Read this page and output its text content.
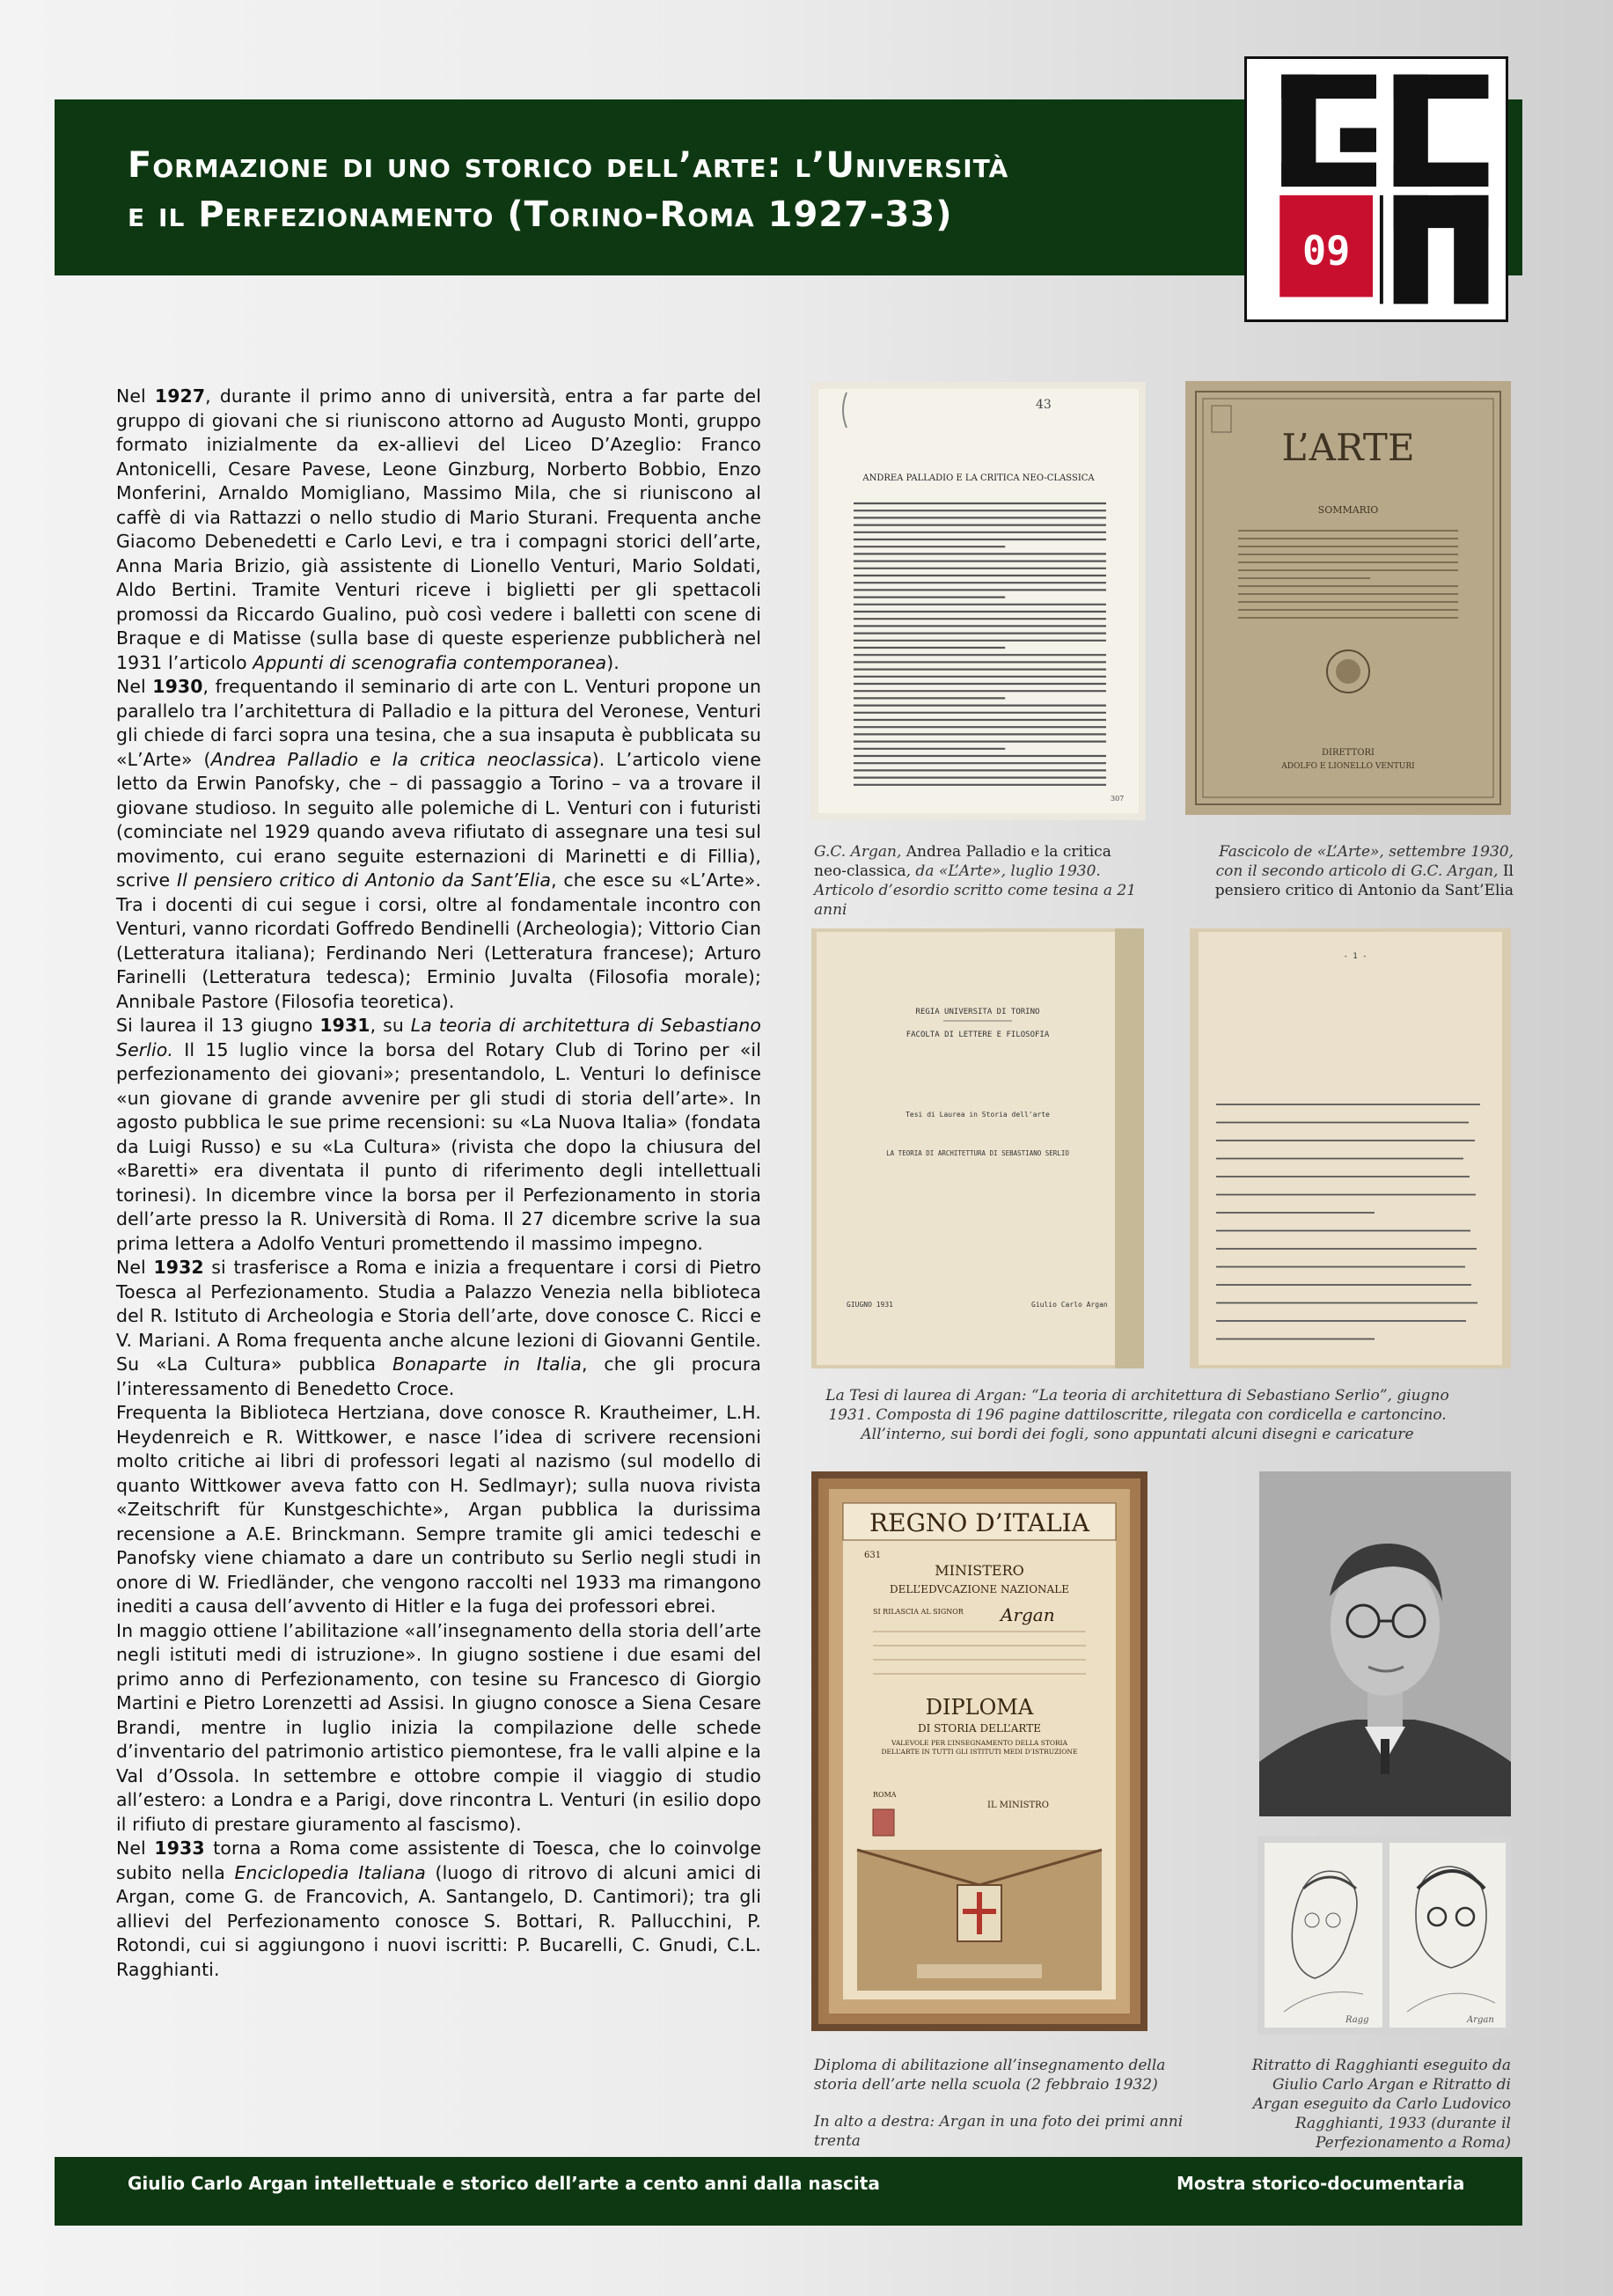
Formazione di uno storico dell’arte: l’Università
e il Perfezionamento (Torino-Roma 1927-33)
09

Nel 1927, durante il primo anno di università, entra a far parte del gruppo di giovani che si riuniscono attorno ad Augusto Monti, gruppo formato inizialmente da ex-allievi del Liceo D’Azeglio: Franco Antonicelli, Cesare Pavese, Leone Ginzburg, Norberto Bobbio, Enzo Monferini, Arnaldo Momigliano, Massimo Mila, che si riuniscono al caffè di via Rattazzi o nello studio di Mario Sturani. Frequenta anche Giacomo Debenedetti e Carlo Levi, e tra i compagni storici dell’arte, Anna Maria Brizio, già assistente di Lionello Venturi, Mario Soldati, Aldo Bertini. Tramite Venturi riceve i biglietti per gli spettacoli promossi da Riccardo Gualino, può così vedere i balletti con scene di Braque e di Matisse (sulla base di queste esperienze pubblicherà nel 1931 l’articolo Appunti di scenografia contemporanea).

Nel 1930, frequentando il seminario di arte con L. Venturi propone un parallelo tra l’architettura di Palladio e la pittura del Veronese, Venturi gli chiede di farci sopra una tesina, che a sua insaputa è pubblicata su «L’Arte» (Andrea Palladio e la critica neoclassica). L’articolo viene letto da Erwin Panofsky, che – di passaggio a Torino – va a trovare il giovane studioso. In seguito alle polemiche di L. Venturi con i futuristi (cominciate nel 1929 quando aveva rifiutato di assegnare una tesi sul movimento, cui erano seguite esternazioni di Marinetti e di Fillia), scrive Il pensiero critico di Antonio da Sant’Elia, che esce su «L’Arte». Tra i docenti di cui segue i corsi, oltre al fondamentale incontro con Venturi, vanno ricordati Goffredo Bendinelli (Archeologia); Vittorio Cian (Letteratura italiana); Ferdinando Neri (Letteratura francese); Arturo Farinelli (Letteratura tedesca); Erminio Juvalta (Filosofia morale); Annibale Pastore (Filosofia teoretica).

Si laurea il 13 giugno 1931, su La teoria di architettura di Sebastiano Serlio. Il 15 luglio vince la borsa del Rotary Club di Torino per «il perfezionamento dei giovani»; presentandolo, L. Venturi lo definisce «un giovane di grande avvenire per gli studi di storia dell’arte». In agosto pubblica le sue prime recensioni: su «La Nuova Italia» (fondata da Luigi Russo) e su «La Cultura» (rivista che dopo la chiusura del «Baretti» era diventata il punto di riferimento degli intellettuali torinesi). In dicembre vince la borsa per il Perfezionamento in storia dell’arte presso la R. Università di Roma. Il 27 dicembre scrive la sua prima lettera a Adolfo Venturi promettendo il massimo impegno.

Nel 1932 si trasferisce a Roma e inizia a frequentare i corsi di Pietro Toesca al Perfezionamento. Studia a Palazzo Venezia nella biblioteca del R. Istituto di Archeologia e Storia dell’arte, dove conosce C. Ricci e V. Mariani. A Roma frequenta anche alcune lezioni di Giovanni Gentile. Su «La Cultura» pubblica Bonaparte in Italia, che gli procura l’interessamento di Benedetto Croce.

Frequenta la Biblioteca Hertziana, dove conosce R. Krautheimer, L.H. Heydenreich e R. Wittkower, e nasce l’idea di scrivere recensioni molto critiche ai libri di professori legati al nazismo (sul modello di quanto Wittkower aveva fatto con H. Sedlmayr); sulla nuova rivista «Zeitschrift für Kunstgeschichte», Argan pubblica la durissima recensione a A.E. Brinckmann. Sempre tramite gli amici tedeschi e Panofsky viene chiamato a dare un contributo su Serlio negli studi in onore di W. Friedländer, che vengono raccolti nel 1933 ma rimangono inediti a causa dell’avvento di Hitler e la fuga dei professori ebrei.

In maggio ottiene l’abilitazione «all’insegnamento della storia dell’arte negli istituti medi di istruzione». In giugno sostiene i due esami del primo anno di Perfezionamento, con tesine su Francesco di Giorgio Martini e Pietro Lorenzetti ad Assisi. In giugno conosce a Siena Cesare Brandi, mentre in luglio inizia la compilazione delle schede d’inventario del patrimonio artistico piemontese, fra le valli alpine e la Val d’Ossola. In settembre e ottobre compie il viaggio di studio all’estero: a Londra e a Parigi, dove rincontra L. Venturi (in esilio dopo il rifiuto di prestare giuramento al fascismo).

Nel 1933 torna a Roma come assistente di Toesca, che lo coinvolge subito nella Enciclopedia Italiana (luogo di ritrovo di alcuni amici di Argan, come G. de Francovich, A. Santangelo, D. Cantimori); tra gli allievi del Perfezionamento conosce S. Bottari, R. Pallucchini, P. Rotondi, cui si aggiungono i nuovi iscritti: P. Bucarelli, C. Gnudi, C.L. Ragghianti.

43
ANDREA PALLADIO E LA CRITICA NEO-CLASSICA
307
L’ARTE
SOMMARIO
DIRETTORI
ADOLFO E LIONELLO VENTURI
G.C. Argan, Andrea Palladio e la critica neo-classica, da «L’Arte», luglio 1930. Articolo d’esordio scritto come tesina a 21 anni
Fascicolo de «L’Arte», settembre 1930, con il secondo articolo di G.C. Argan, Il pensiero critico di Antonio da Sant’Elia
REGIA UNIVERSITA DI TORINO
FACOLTA DI LETTERE E FILOSOFIA
Tesi di Laurea in Storia dell'arte
LA TEORIA DI ARCHITETTURA DI SEBASTIANO SERLIO
GIUGNO 1931	Giulio Carlo Argan
- 1 -
La Tesi di laurea di Argan: “La teoria di architettura di Sebastiano Serlio”, giugno 1931. Composta di 196 pagine dattiloscritte, rilegata con cordicella e cartoncino. All’interno, sui bordi dei fogli, sono appuntati alcuni disegni e caricature
REGNO D’ITALIA
631
MINISTERO
DELL’EDVCAZIONE NAZIONALE
SI RILASCIA AL SIGNOR Argan
DIPLOMA
DI STORIA DELL’ARTE
VALEVOLE PER L’INSEGNAMENTO DELLA STORIA DELL’ARTE IN TUTTI GLI ISTITUTI MEDI D’ISTRUZIONE
ROMA
IL MINISTRO
Ragg	Argan
Diploma di abilitazione all’insegnamento della storia dell’arte nella scuola (2 febbraio 1932)
In alto a destra: Argan in una foto dei primi anni trenta
Ritratto di Ragghianti eseguito da Giulio Carlo Argan e Ritratto di Argan eseguito da Carlo Ludovico Ragghianti, 1933 (durante il Perfezionamento a Roma)
Giulio Carlo Argan intellettuale e storico dell’arte a cento anni dalla nascita	Mostra storico-documentaria
